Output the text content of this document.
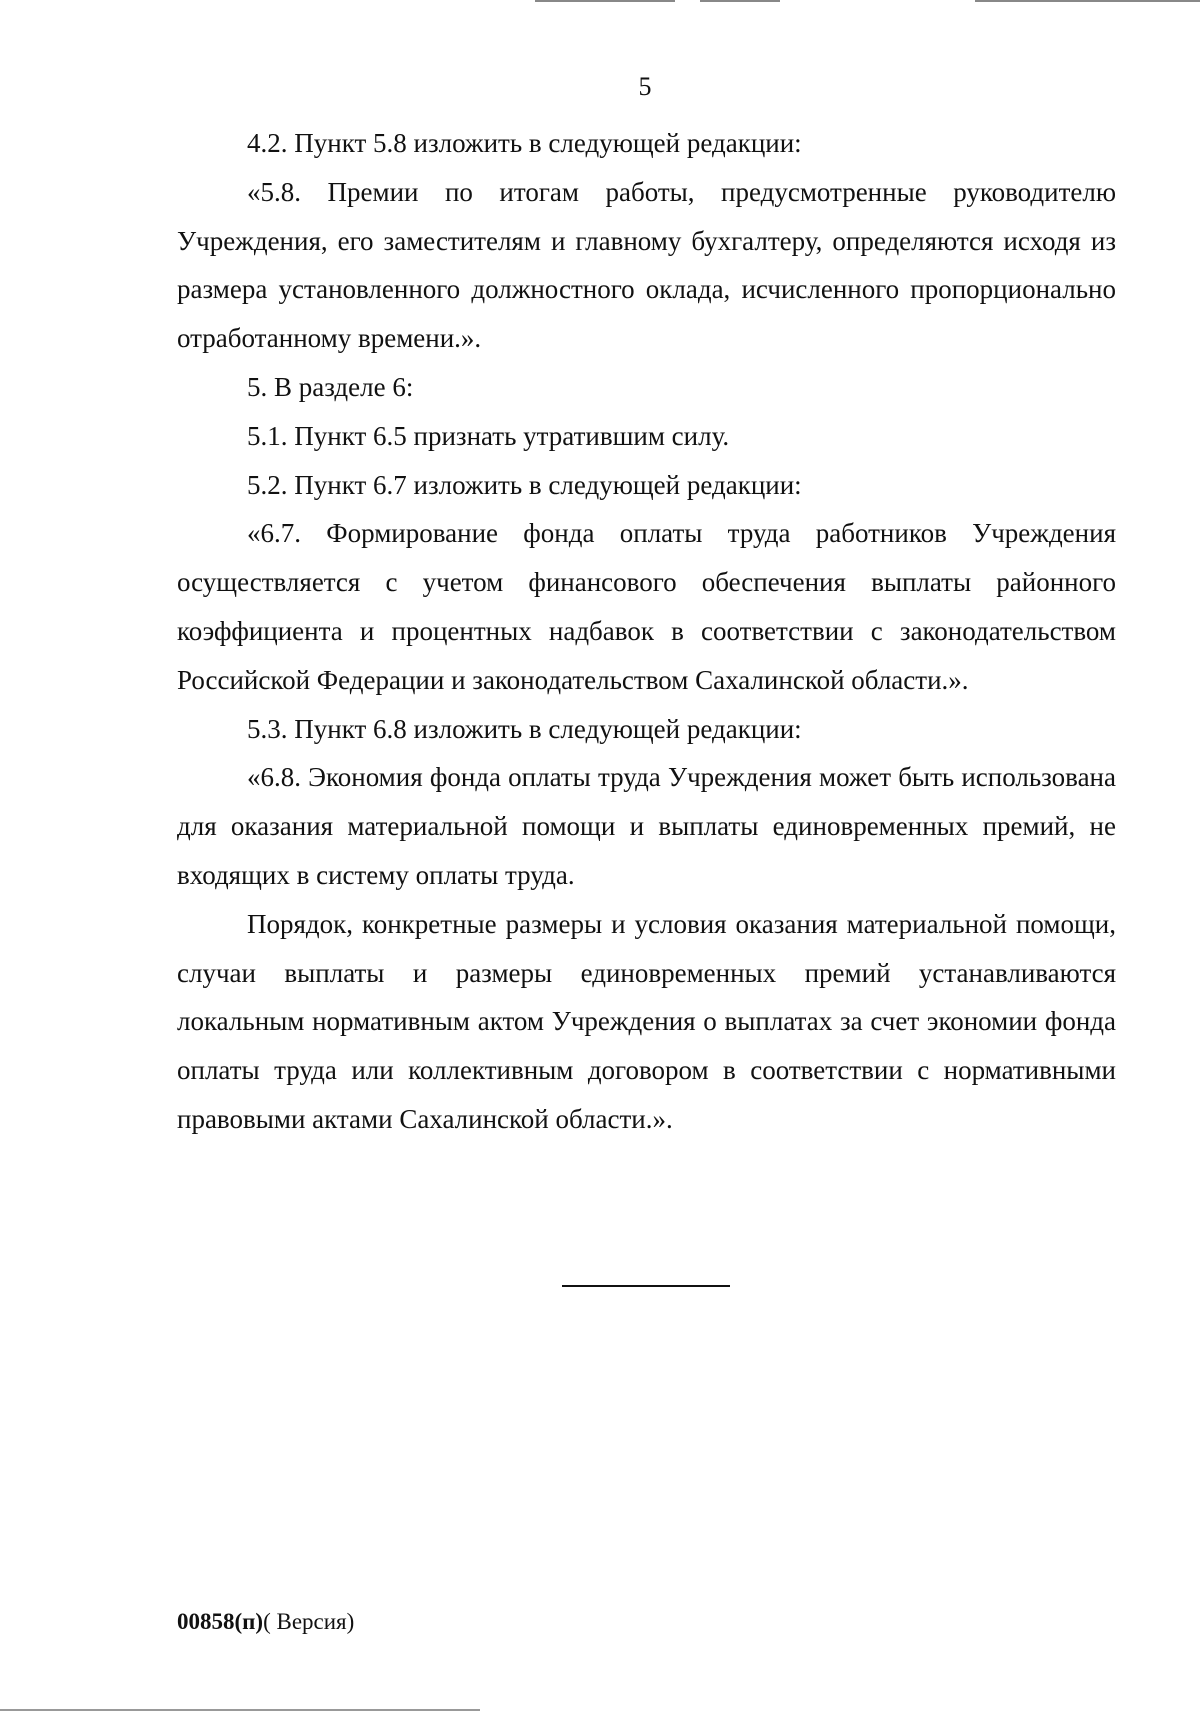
5

4.2. Пункт 5.8 изложить в следующей редакции:

«5.8. Премии по итогам работы, предусмотренные руководителю Учреждения, его заместителям и главному бухгалтеру, определяются исходя из размера установленного должностного оклада, исчисленного пропорционально отработанному времени.».

5. В разделе 6:

5.1. Пункт 6.5 признать утратившим силу.

5.2. Пункт 6.7 изложить в следующей редакции:

«6.7. Формирование фонда оплаты труда работников Учреждения осуществляется с учетом финансового обеспечения выплаты районного коэффициента и процентных надбавок в соответствии с законодательством Российской Федерации и законодательством Сахалинской области.».

5.3. Пункт 6.8 изложить в следующей редакции:

«6.8. Экономия фонда оплаты труда Учреждения может быть использована для оказания материальной помощи и выплаты единовременных премий, не входящих в систему оплаты труда.

Порядок, конкретные размеры и условия оказания материальной помощи, случаи выплаты и размеры единовременных премий устанавливаются локальным нормативным актом Учреждения о выплатах за счет экономии фонда оплаты труда или коллективным договором в соответствии с нормативными правовыми актами Сахалинской области.».

00858(п)( Версия)
